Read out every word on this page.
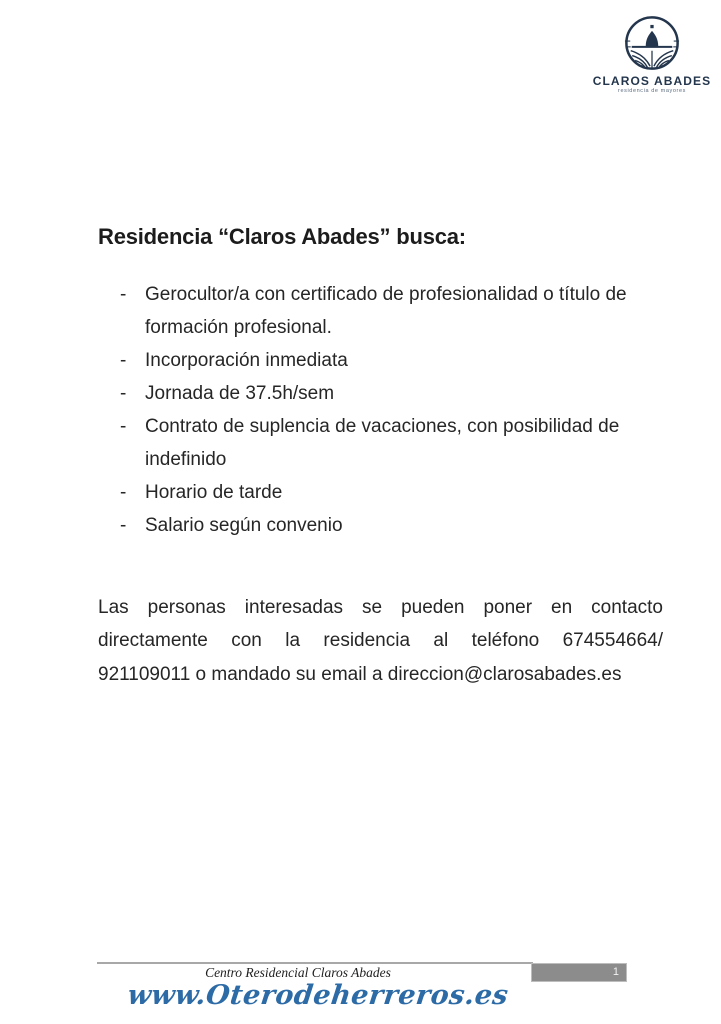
CLAROS ABADES
residencia de mayores
Residencia “Claros Abades” busca:
- Gerocultor/a con certificado de profesionalidad o título de formación profesional.
- Incorporación inmediata
- Jornada de 37.5h/sem
- Contrato de suplencia de vacaciones, con posibilidad de indefinido
- Horario de tarde
- Salario según convenio
Las personas interesadas se pueden poner en contacto
directamente con la residencia al teléfono 674554664/
921109011 o mandado su email a direccion@clarosabades.es
Centro Residencial Claros Abades	1
www.Oterodeherreros.es
